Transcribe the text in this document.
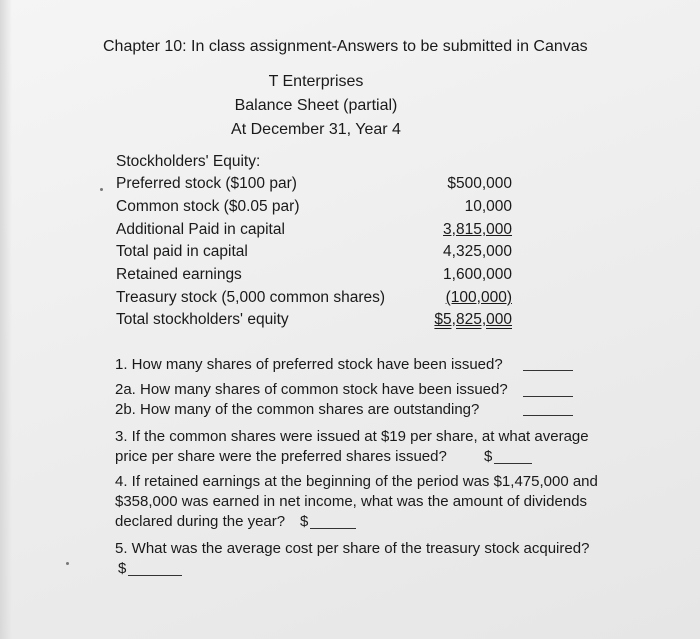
Chapter 10: In class assignment-Answers to be submitted in Canvas
T Enterprises
Balance Sheet (partial)
At December 31, Year 4
Stockholders' Equity:
Preferred stock ($100 par)	$500,000
Common stock ($0.05 par)	10,000
Additional Paid in capital	3,815,000
Total paid in capital	4,325,000
Retained earnings	1,600,000
Treasury stock (5,000 common shares)	(100,000)
Total stockholders' equity	$5,825,000
1. How many shares of preferred stock have been issued?
2a. How many shares of common stock have been issued?
2b. How many of the common shares are outstanding?
3. If the common shares were issued at $19 per share, at what average
price per share were the preferred shares issued? $
4. If retained earnings at the beginning of the period was $1,475,000 and
$358,000 was earned in net income, what was the amount of dividends
declared during the year? $
5. What was the average cost per share of the treasury stock acquired?
$
